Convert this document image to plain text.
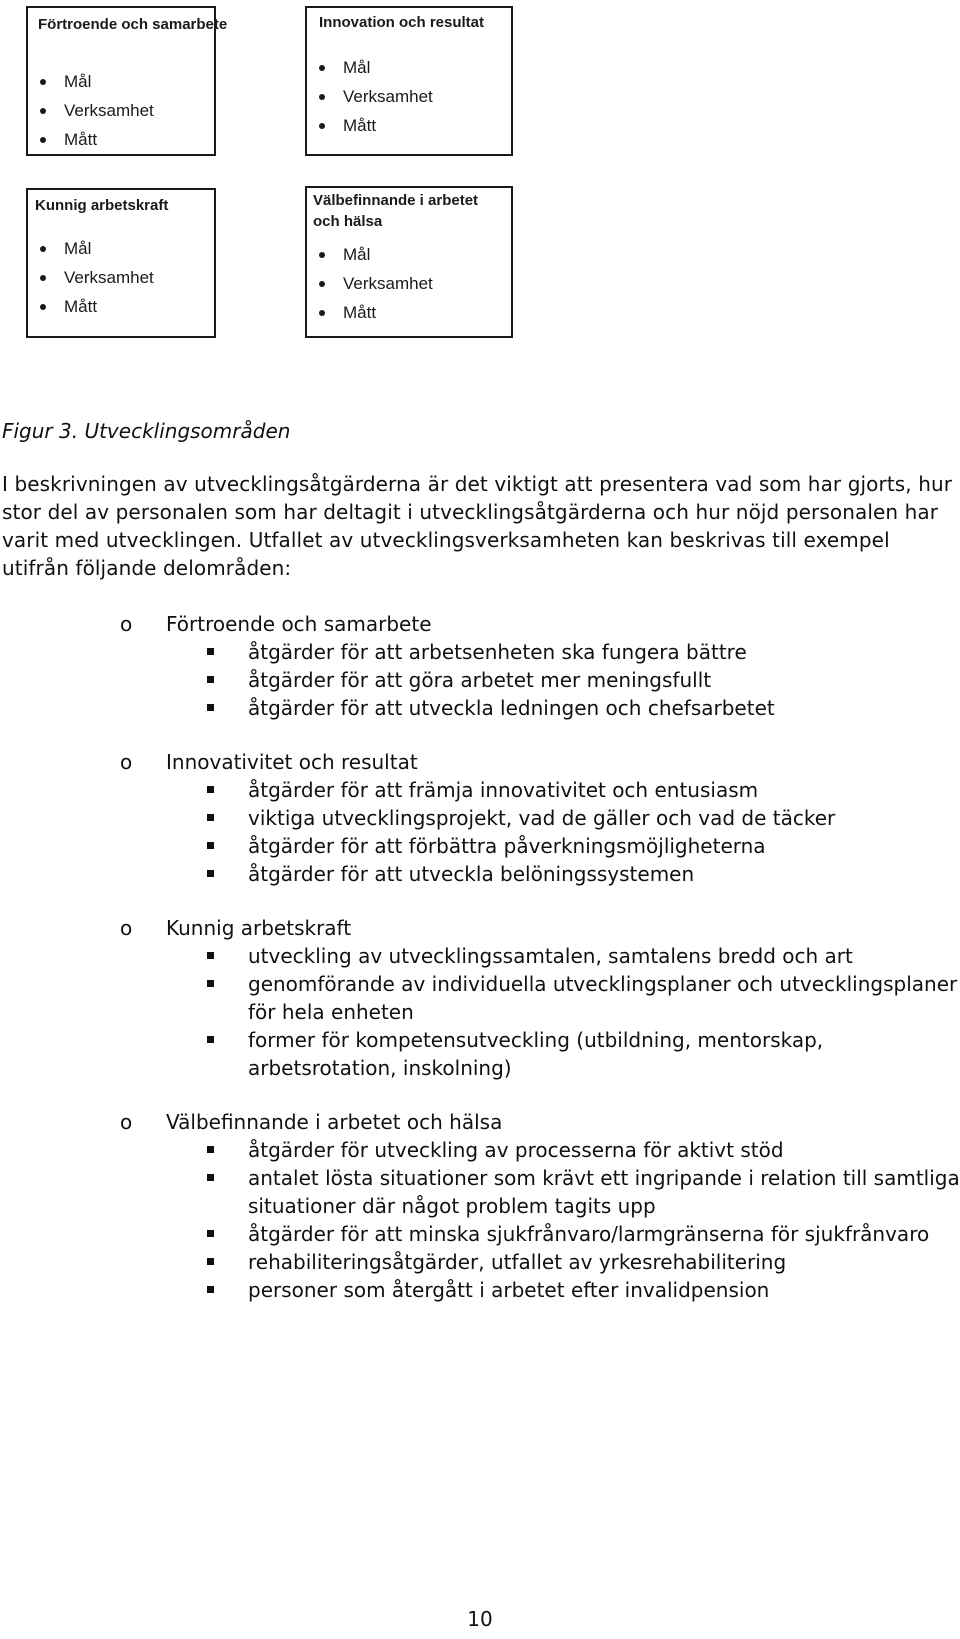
Förtroende och samarbete
Mål
Verksamhet
Mått
Innovation och resultat
Mål
Verksamhet
Mått
Kunnig arbetskraft
Mål
Verksamhet
Mått
Välbefinnande i arbetet och hälsa
Mål
Verksamhet
Mått

Figur 3. Utvecklingsområden

I beskrivningen av utvecklingsåtgärderna är det viktigt att presentera vad som har gjorts, hur stor del av personalen som har deltagit i utvecklingsåtgärderna och hur nöjd personalen har varit med utvecklingen. Utfallet av utvecklingsverksamheten kan beskrivas till exempel utifrån följande delområden:

o Förtroende och samarbete
åtgärder för att arbetsenheten ska fungera bättre
åtgärder för att göra arbetet mer meningsfullt
åtgärder för att utveckla ledningen och chefsarbetet
o Innovativitet och resultat
åtgärder för att främja innovativitet och entusiasm
viktiga utvecklingsprojekt, vad de gäller och vad de täcker
åtgärder för att förbättra påverkningsmöjligheterna
åtgärder för att utveckla belöningssystemen
o Kunnig arbetskraft
utveckling av utvecklingssamtalen, samtalens bredd och art
genomförande av individuella utvecklingsplaner och utvecklingsplaner för hela enheten
former för kompetensutveckling (utbildning, mentorskap, arbetsrotation, inskolning)
o Välbefinnande i arbetet och hälsa
åtgärder för utveckling av processerna för aktivt stöd
antalet lösta situationer som krävt ett ingripande i relation till samtliga situationer där något problem tagits upp
åtgärder för att minska sjukfrånvaro/larmgränserna för sjukfrånvaro
rehabiliteringsåtgärder, utfallet av yrkesrehabilitering
personer som återgått i arbetet efter invalidpension

10
